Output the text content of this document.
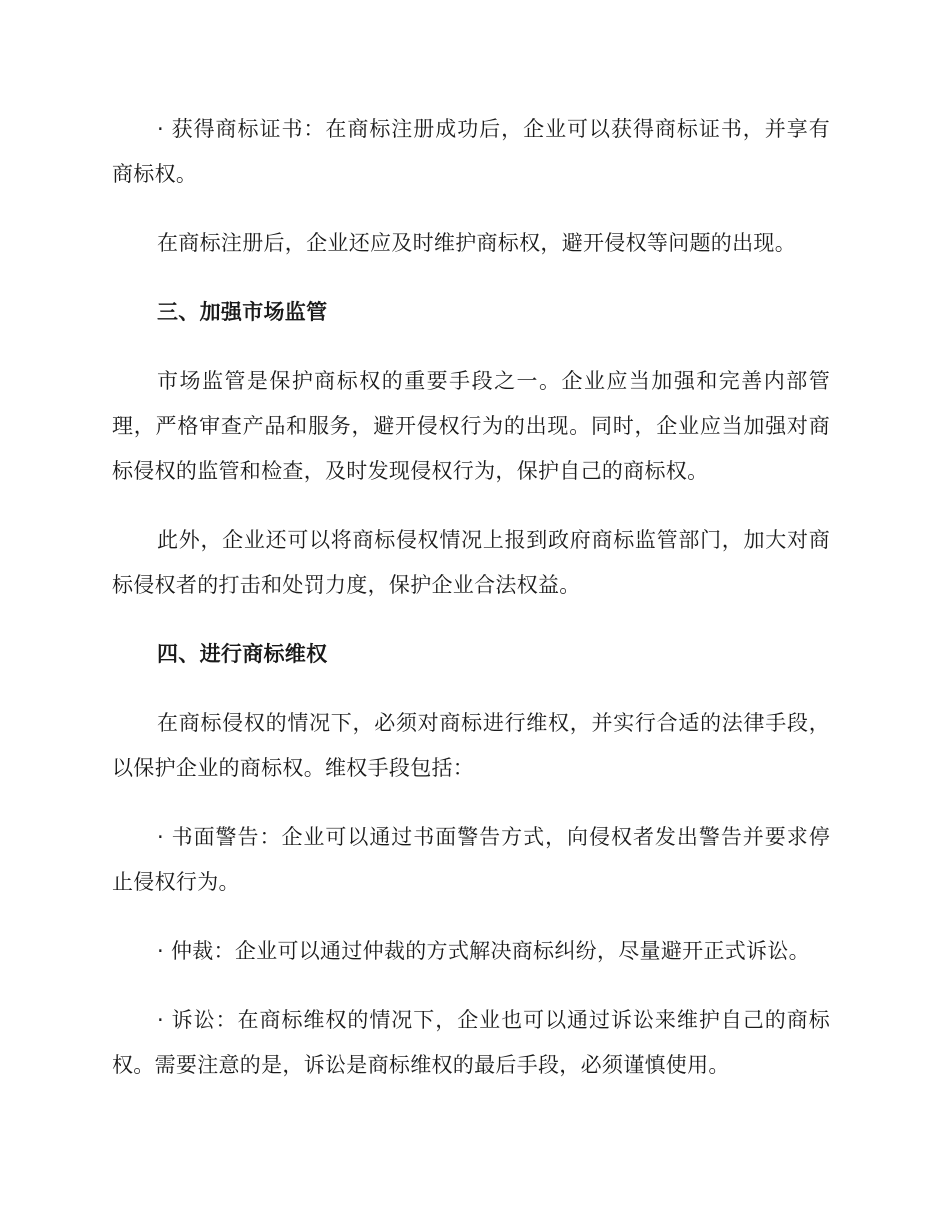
· 获得商标证书：在商标注册成功后，企业可以获得商标证书，并享有商标权。

在商标注册后，企业还应及时维护商标权，避开侵权等问题的出现。

三、加强市场监管

市场监管是保护商标权的重要手段之一。企业应当加强和完善内部管理，严格审查产品和服务，避开侵权行为的出现。同时，企业应当加强对商标侵权的监管和检查，及时发现侵权行为，保护自己的商标权。

此外，企业还可以将商标侵权情况上报到政府商标监管部门，加大对商标侵权者的打击和处罚力度，保护企业合法权益。

四、进行商标维权

在商标侵权的情况下，必须对商标进行维权，并实行合适的法律手段，以保护企业的商标权。维权手段包括：

· 书面警告：企业可以通过书面警告方式，向侵权者发出警告并要求停止侵权行为。

· 仲裁：企业可以通过仲裁的方式解决商标纠纷，尽量避开正式诉讼。

· 诉讼：在商标维权的情况下，企业也可以通过诉讼来维护自己的商标权。需要注意的是，诉讼是商标维权的最后手段，必须谨慎使用。
